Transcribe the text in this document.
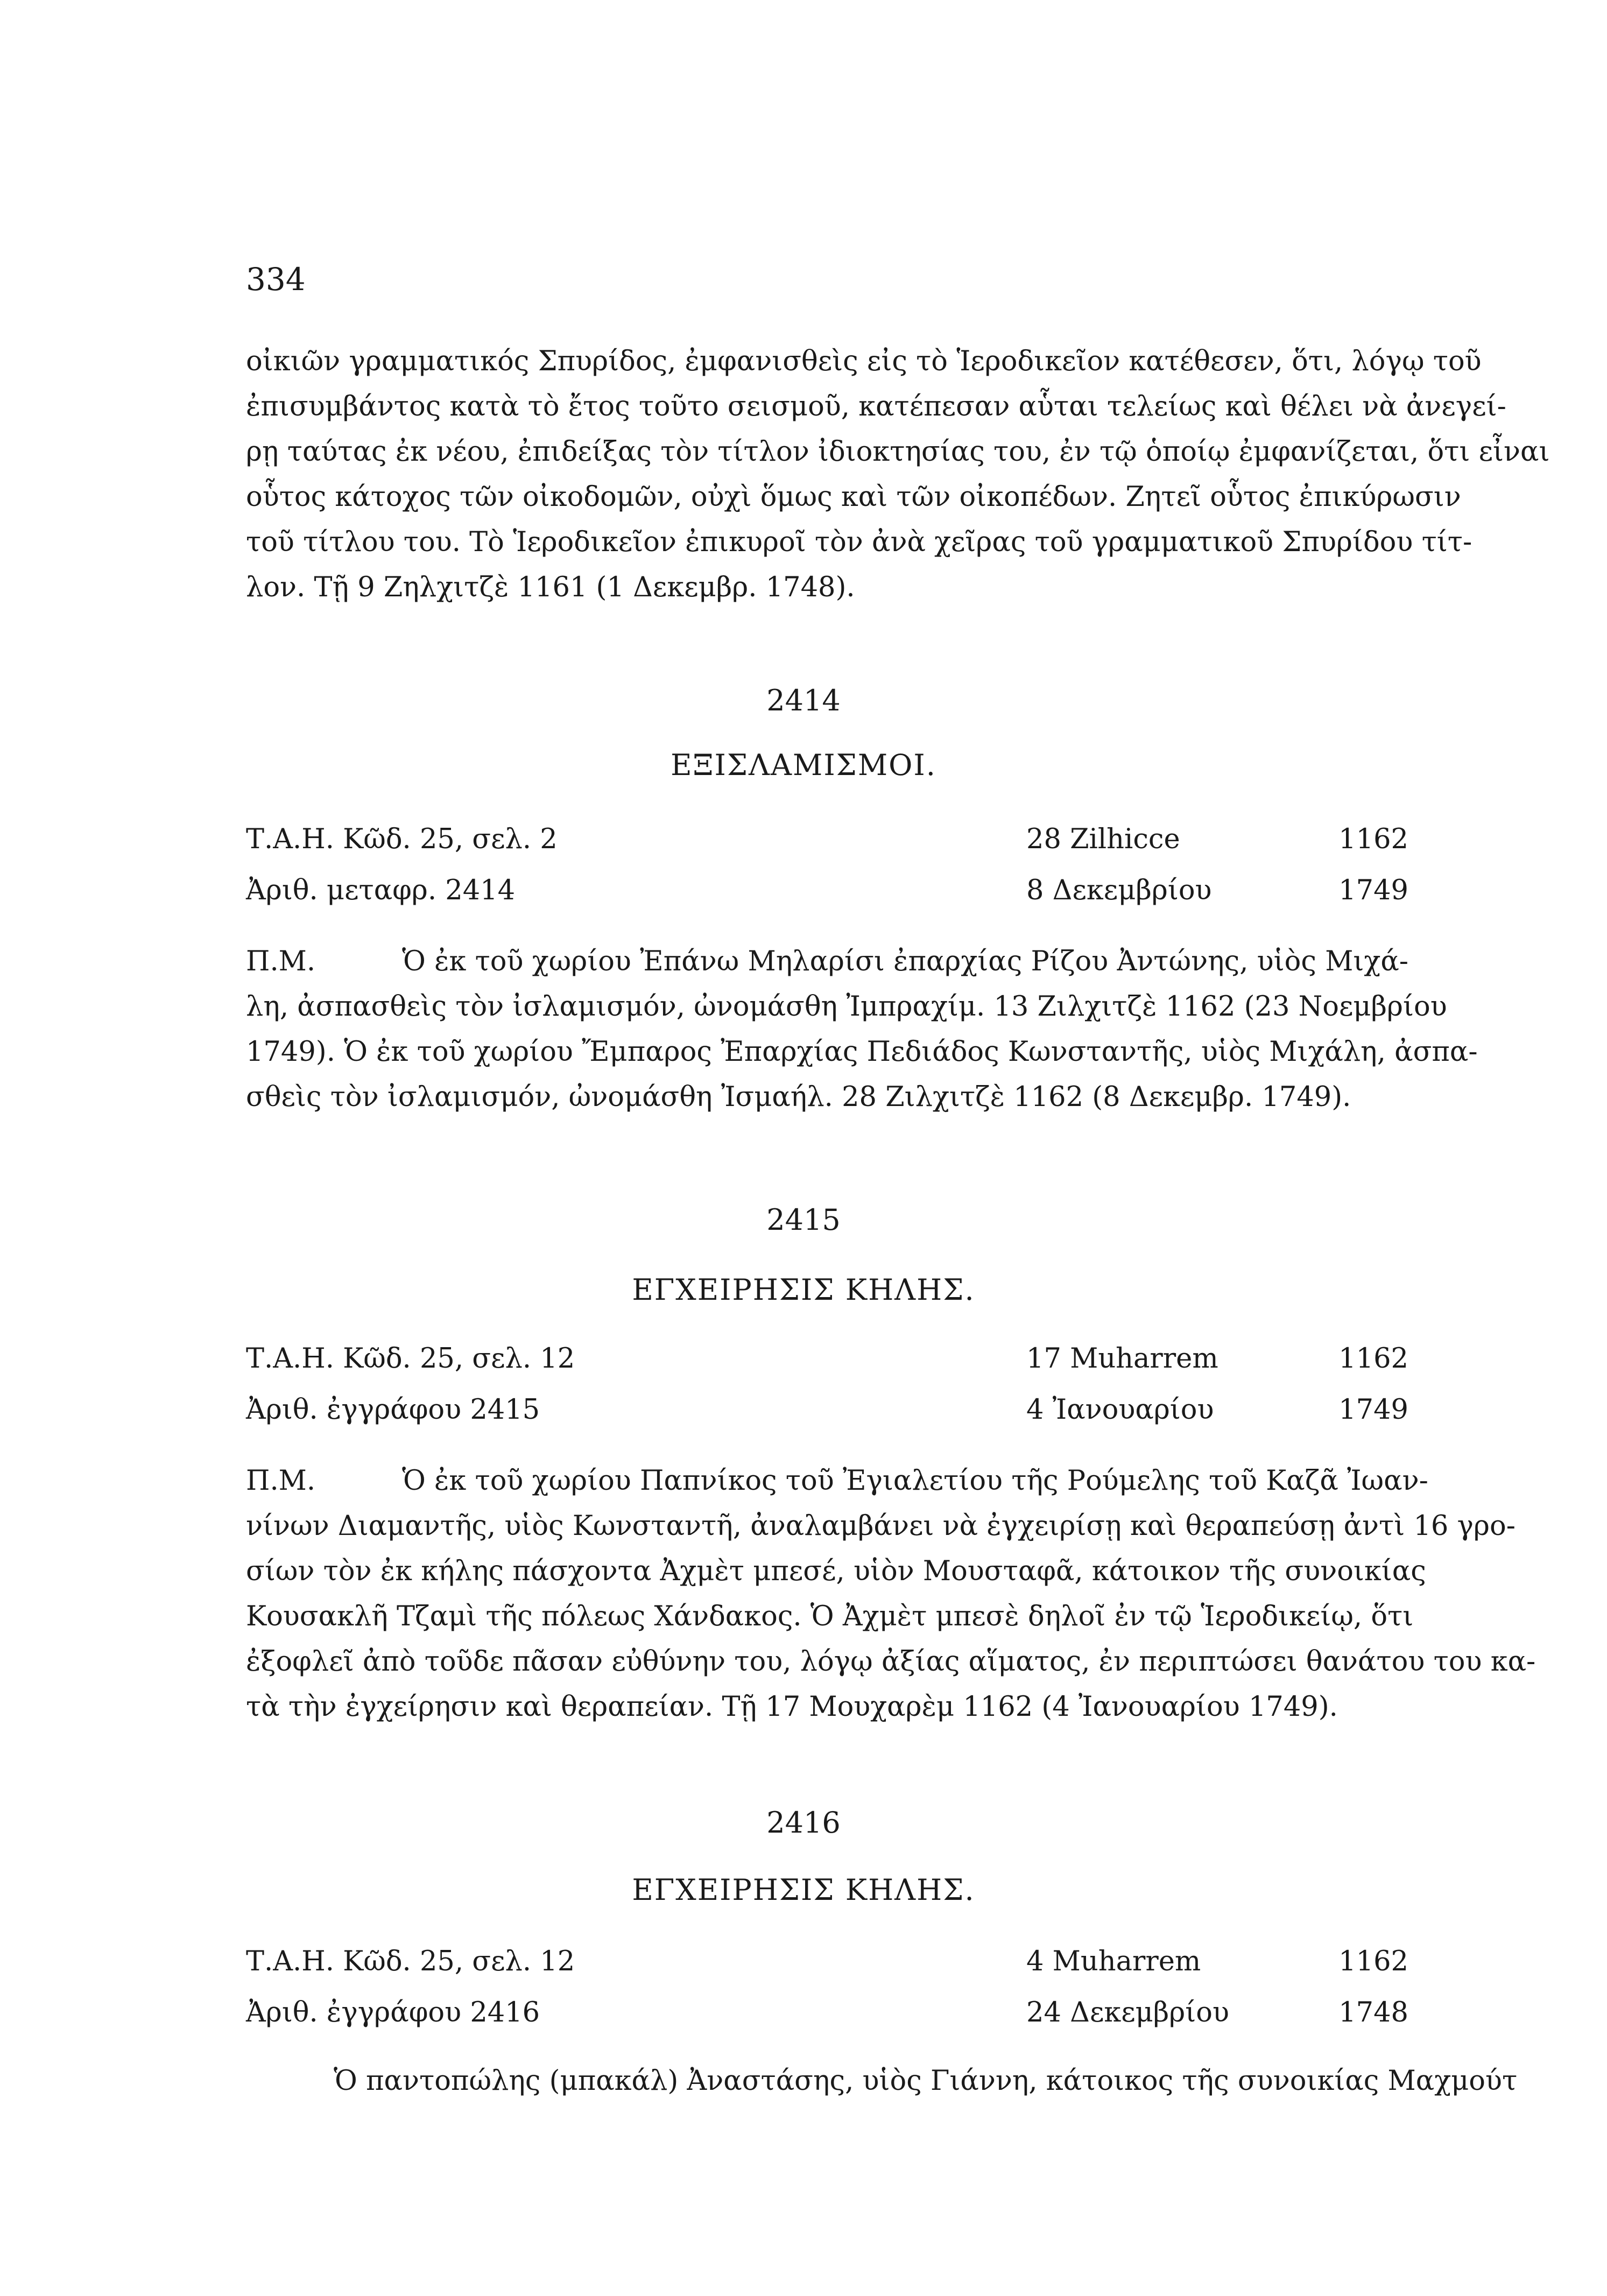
334
οἰκιῶν γραμματικός Σπυρίδος, ἐμφανισθεὶς εἰς τὸ Ἱεροδικεῖον κατέθεσεν, ὅτι, λόγῳ τοῦ
ἐπισυμβάντος κατὰ τὸ ἔτος τοῦτο σεισμοῦ, κατέπεσαν αὗται τελείως καὶ θέλει νὰ ἀνεγεί-
ρῃ ταύτας ἐκ νέου, ἐπιδείξας τὸν τίτλον ἰδιοκτησίας του, ἐν τῷ ὁποίῳ ἐμφανίζεται, ὅτι εἶναι
οὗτος κάτοχος τῶν οἰκοδομῶν, οὐχὶ ὅμως καὶ τῶν οἰκοπέδων. Ζητεῖ οὗτος ἐπικύρωσιν
τοῦ τίτλου του. Τὸ Ἱεροδικεῖον ἐπικυροῖ τὸν ἀνὰ χεῖρας τοῦ γραμματικοῦ Σπυρίδου τίτ-
λον. Τῇ 9 Ζηλχιτζὲ 1161 (1 Δεκεμβρ. 1748).
2414
ΕΞΙΣΛΑΜΙΣΜΟΙ.
Τ.Α.Η. Κῶδ. 25, σελ. 2	28 Zilhicce	1162
Ἀριθ. μεταφρ. 2414	8 Δεκεμβρίου	1749
Π.Μ.	Ὁ ἐκ τοῦ χωρίου Ἐπάνω Μηλαρίσι ἐπαρχίας Ρίζου Ἀντώνης, υἱὸς Μιχά-
λη, ἀσπασθεὶς τὸν ἰσλαμισμόν, ὠνομάσθη Ἰμπραχίμ. 13 Ζιλχιτζὲ 1162 (23 Νοεμβρίου
1749). Ὁ ἐκ τοῦ χωρίου Ἔμπαρος Ἐπαρχίας Πεδιάδος Κωνσταντῆς, υἱὸς Μιχάλη, ἀσπα-
σθεὶς τὸν ἰσλαμισμόν, ὠνομάσθη Ἰσμαήλ. 28 Ζιλχιτζὲ 1162 (8 Δεκεμβρ. 1749).
2415
ΕΓΧΕΙΡΗΣΙΣ ΚΗΛΗΣ.
Τ.Α.Η. Κῶδ. 25, σελ. 12	17 Muharrem	1162
Ἀριθ. ἐγγράφου 2415	4 Ἰανουαρίου	1749
Π.Μ.	Ὁ ἐκ τοῦ χωρίου Παπνίκος τοῦ Ἐγιαλετίου τῆς Ρούμελης τοῦ Καζᾶ Ἰωαν-
νίνων Διαμαντῆς, υἱὸς Κωνσταντῆ, ἀναλαμβάνει νὰ ἐγχειρίσῃ καὶ θεραπεύσῃ ἀντὶ 16 γρο-
σίων τὸν ἐκ κήλης πάσχοντα Ἀχμὲτ μπεσέ, υἱὸν Μουσταφᾶ, κάτοικον τῆς συνοικίας
Κουσακλῆ Τζαμὶ τῆς πόλεως Χάνδακος. Ὁ Ἀχμὲτ μπεσὲ δηλοῖ ἐν τῷ Ἱεροδικείῳ, ὅτι
ἐξοφλεῖ ἀπὸ τοῦδε πᾶσαν εὐθύνην του, λόγῳ ἀξίας αἵματος, ἐν περιπτώσει θανάτου του κα-
τὰ τὴν ἐγχείρησιν καὶ θεραπείαν. Τῇ 17 Μουχαρὲμ 1162 (4 Ἰανουαρίου 1749).
2416
ΕΓΧΕΙΡΗΣΙΣ ΚΗΛΗΣ.
Τ.Α.Η. Κῶδ. 25, σελ. 12	4 Muharrem	1162
Ἀριθ. ἐγγράφου 2416	24 Δεκεμβρίου	1748
Ὁ παντοπώλης (μπακάλ) Ἀναστάσης, υἱὸς Γιάννη, κάτοικος τῆς συνοικίας Μαχμούτ
